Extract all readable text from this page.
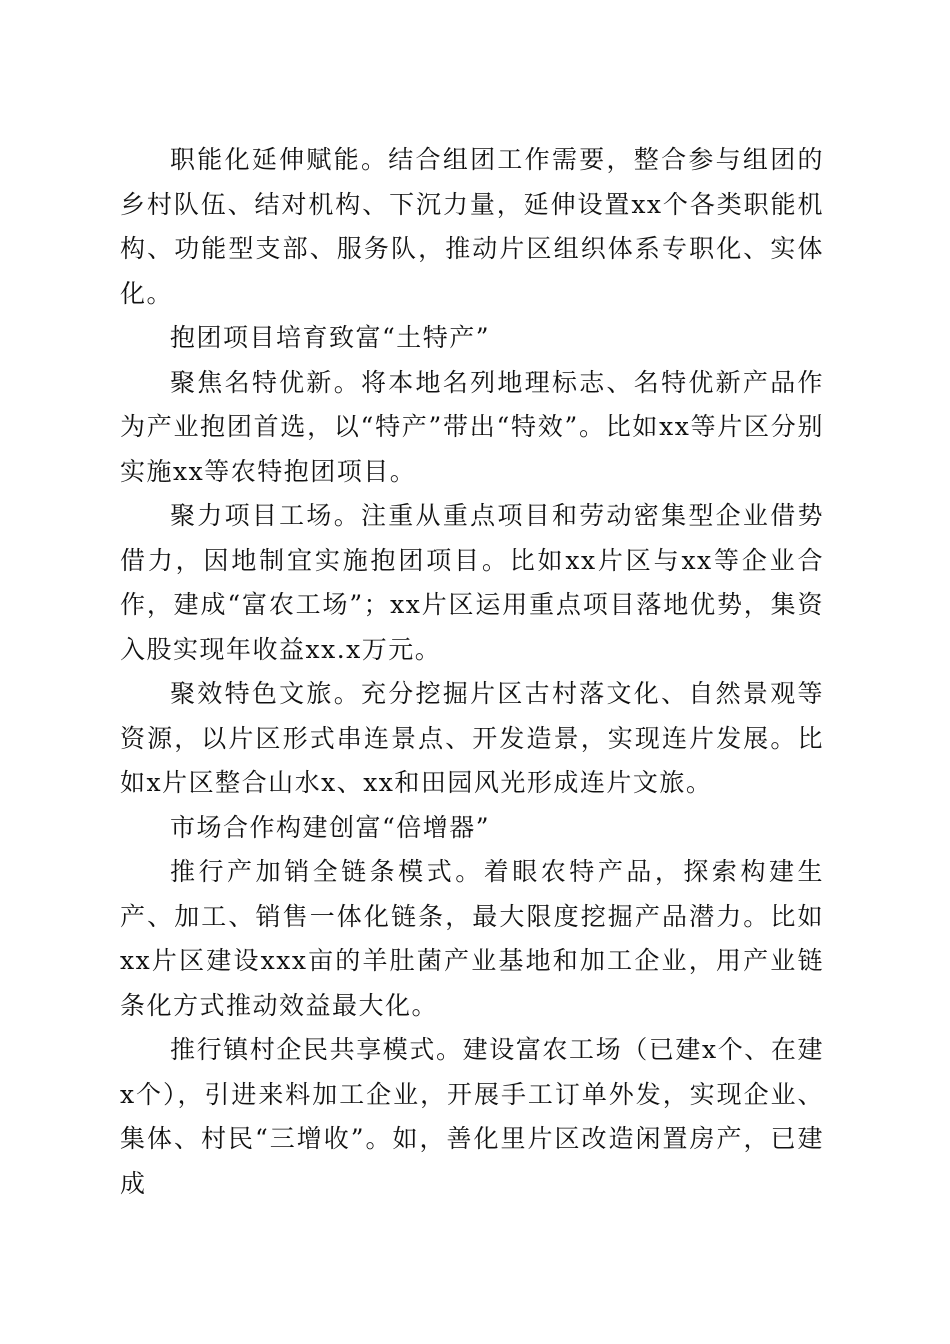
职能化延伸赋能。结合组团工作需要，整合参与组团的乡村队伍、结对机构、下沉力量，延伸设置xx个各类职能机构、功能型支部、服务队，推动片区组织体系专职化、实体化。

抱团项目培育致富“土特产”

聚焦名特优新。将本地名列地理标志、名特优新产品作为产业抱团首选，以“特产”带出“特效”。比如xx等片区分别实施xx等农特抱团项目。

聚力项目工场。注重从重点项目和劳动密集型企业借势借力，因地制宜实施抱团项目。比如xx片区与xx等企业合作，建成“富农工场”；xx片区运用重点项目落地优势，集资入股实现年收益xx.x万元。

聚效特色文旅。充分挖掘片区古村落文化、自然景观等资源，以片区形式串连景点、开发造景，实现连片发展。比如x片区整合山水x、xx和田园风光形成连片文旅。

市场合作构建创富“倍增器”

推行产加销全链条模式。着眼农特产品，探索构建生产、加工、销售一体化链条，最大限度挖掘产品潜力。比如xx片区建设xxx亩的羊肚菌产业基地和加工企业，用产业链条化方式推动效益最大化。

推行镇村企民共享模式。建设富农工场（已建x个、在建x个），引进来料加工企业，开展手工订单外发，实现企业、集体、村民“三增收”。如，善化里片区改造闲置房产，已建成
